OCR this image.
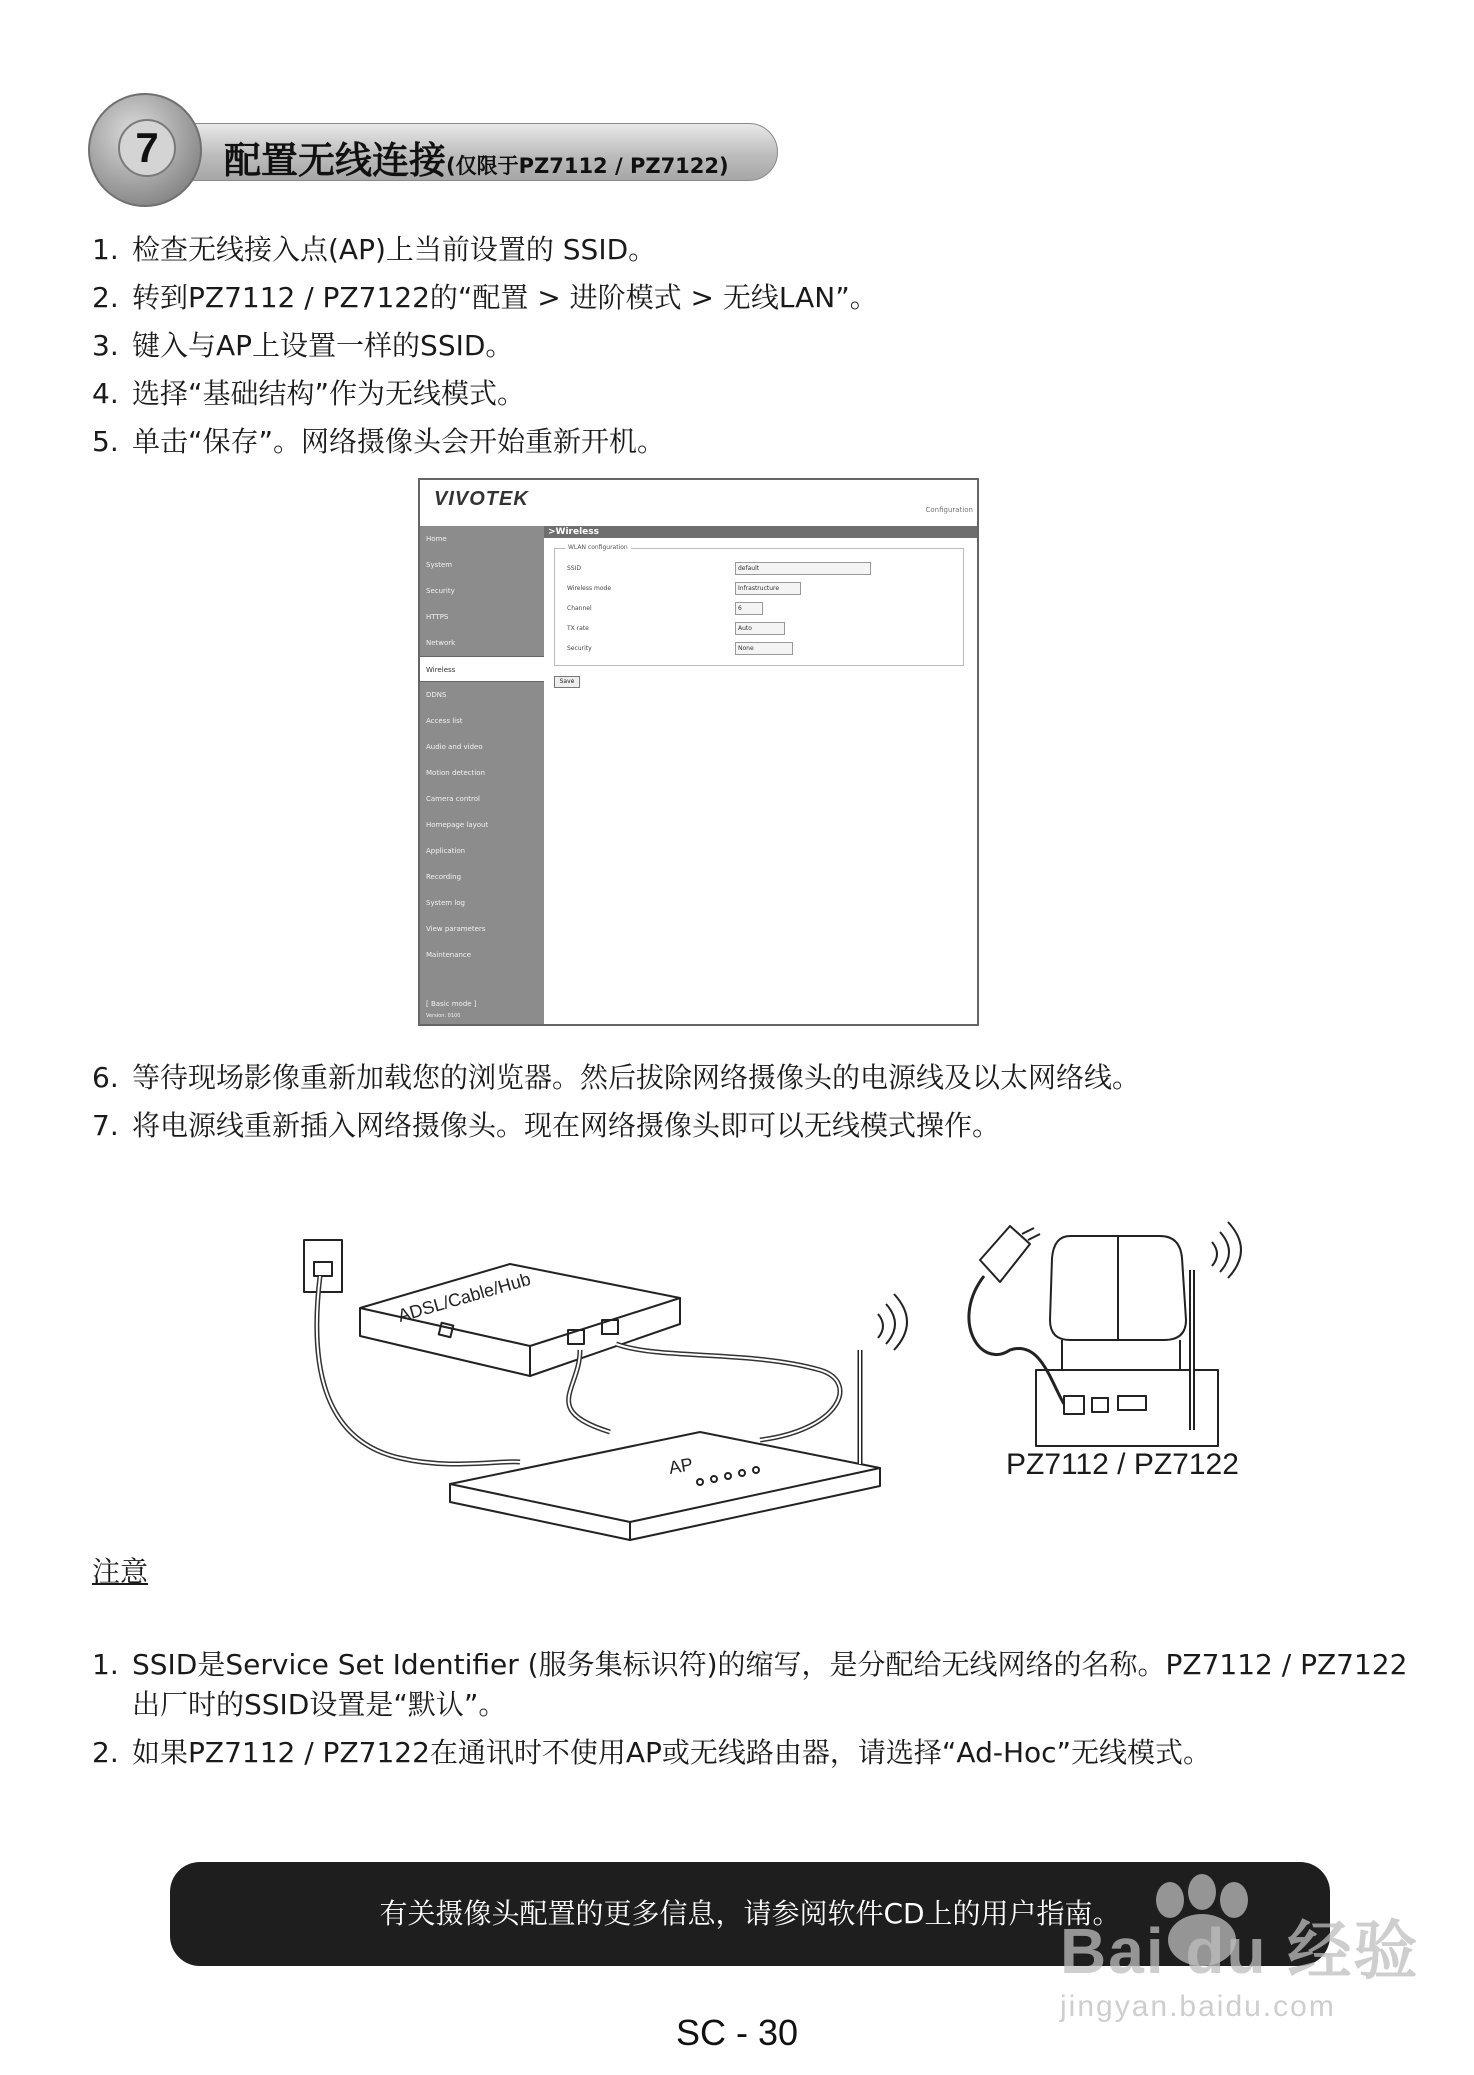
7	配置无线连接(仅限于PZ7112 / PZ7122)
1. 检查无线接入点(AP)上当前设置的 SSID。
2. 转到PZ7112 / PZ7122的“配置 > 进阶模式 > 无线LAN”。
3. 键入与AP上设置一样的SSID。
4. 选择“基础结构”作为无线模式。
5. 单击“保存”。网络摄像头会开始重新开机。
VIVOTEK	Configuration
Home
System
Security
HTTPS
Network
Wireless
DDNS
Access list
Audio and video
Motion detection
Camera control
Homepage layout
Application
Recording
System log
View parameters
Maintenance
[ Basic mode ]
Version: 0100
>Wireless
WLAN configuration
SSID	default
Wireless mode	Infrastructure
Channel	6
TX rate	Auto
Security	None
Save
6. 等待现场影像重新加载您的浏览器。然后拔除网络摄像头的电源线及以太网络线。
7. 将电源线重新插入网络摄像头。现在网络摄像头即可以无线模式操作。
ADSL/Cable/Hub
AP	PZ7112 / PZ7122
注意
1. SSID是Service Set Identifier (服务集标识符)的缩写，是分配给无线网络的名称。PZ7112 / PZ7122出厂时的SSID设置是“默认”。
2. 如果PZ7112 / PZ7122在通讯时不使用AP或无线路由器，请选择“Ad-Hoc”无线模式。
有关摄像头配置的更多信息，请参阅软件CD上的用户指南。
Bai du 经验
jingyan.baidu.com
SC - 30
